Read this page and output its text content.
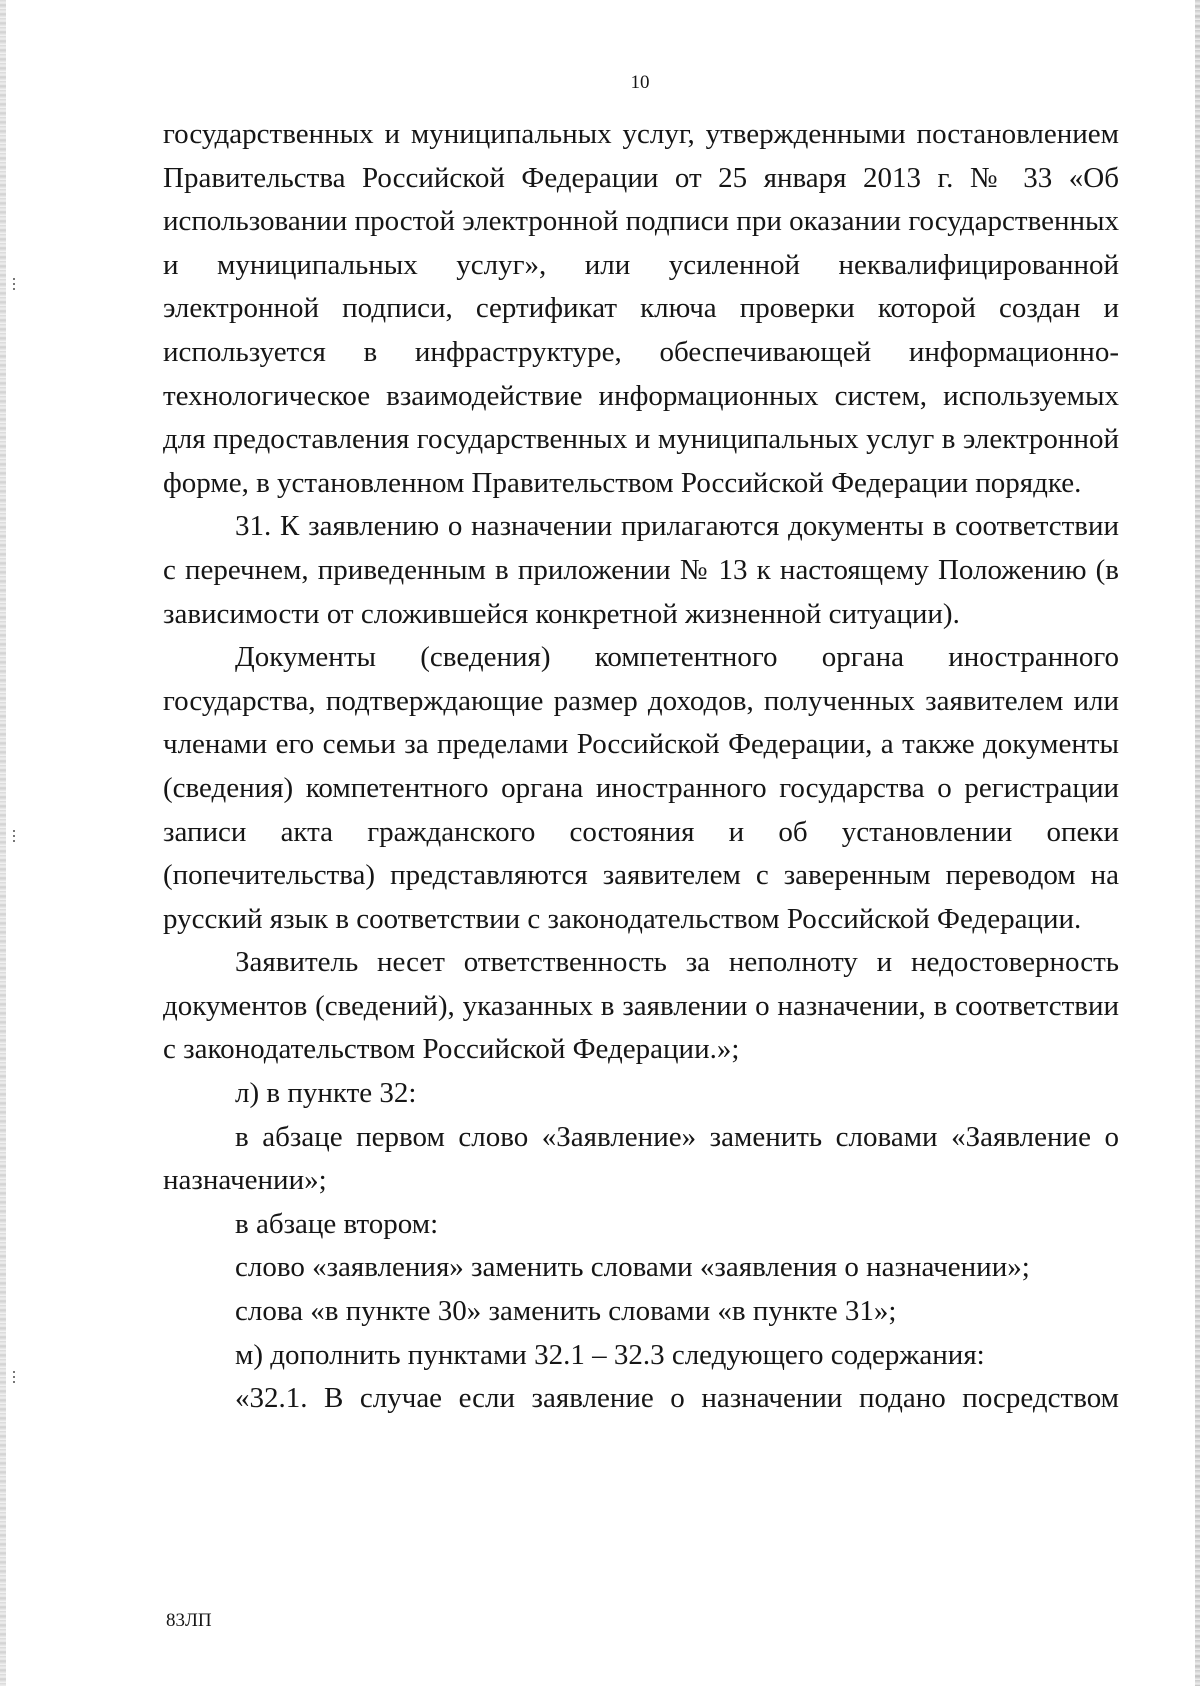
10

государственных и муниципальных услуг, утвержденными постановлением Правительства Российской Федерации от 25 января 2013 г. № 33 «Об использовании простой электронной подписи при оказании государственных и муниципальных услуг», или усиленной неквалифицированной электронной подписи, сертификат ключа проверки которой создан и используется в инфраструктуре, обеспечивающей информационно-технологическое взаимодействие информационных систем, используемых для предоставления государственных и муниципальных услуг в электронной форме, в установленном Правительством Российской Федерации порядке.

31. К заявлению о назначении прилагаются документы в соответствии с перечнем, приведенным в приложении № 13 к настоящему Положению (в зависимости от сложившейся конкретной жизненной ситуации).

Документы (сведения) компетентного органа иностранного государства, подтверждающие размер доходов, полученных заявителем или членами его семьи за пределами Российской Федерации, а также документы (сведения) компетентного органа иностранного государства о регистрации записи акта гражданского состояния и об установлении опеки (попечительства) представляются заявителем с заверенным переводом на русский язык в соответствии с законодательством Российской Федерации.

Заявитель несет ответственность за неполноту и недостоверность документов (сведений), указанных в заявлении о назначении, в соответствии с законодательством Российской Федерации.»;

л) в пункте 32:

в абзаце первом слово «Заявление» заменить словами «Заявление о назначении»;

в абзаце втором:

слово «заявления» заменить словами «заявления о назначении»;

слова «в пункте 30» заменить словами «в пункте 31»;

м) дополнить пунктами 32.1 – 32.3 следующего содержания:

«32.1. В случае если заявление о назначении подано посредством

83ЛП
